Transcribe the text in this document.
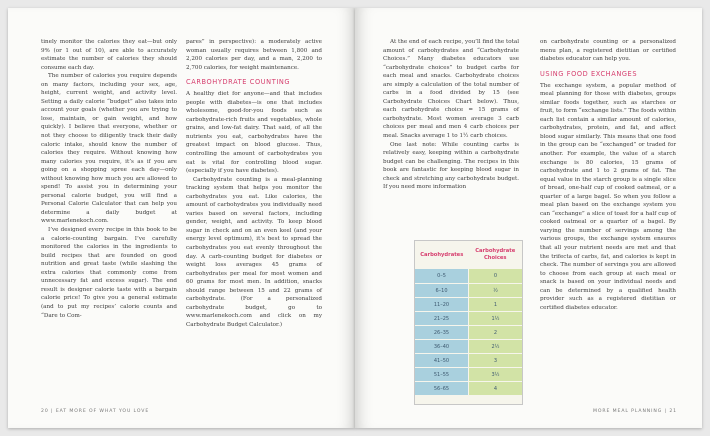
tinely monitor the calories they eat—but only 9% (or 1 out of 10), are able to accurately estimate the number of calories they should consume each day.

The number of calories you require depends on many factors, including your sex, age, height, current weight, and activity level. Setting a daily calorie “budget” also takes into account your goals (whether you are trying to lose, maintain, or gain weight, and how quickly). I believe that everyone, whether or not they choose to diligently track their daily caloric intake, should know the number of calories they require. Without knowing how many calories you require, it’s as if you are going on a shopping spree each day—only without knowing how much you are allowed to spend! To assist you in determining your personal calorie budget, you will find a Personal Calorie Calculator that can help you determine a daily budget at www.marlenekoch.com.

I’ve designed every recipe in this book to be a calorie-counting bargain. I’ve carefully monitored the calories in the ingredients to build recipes that are founded on good nutrition and great taste (while slashing the extra calories that commonly come from unnecessary fat and excess sugar). The end result is designer calorie taste with a bargain calorie price! To give you a general estimate (and to put my recipes’ calorie counts and “Dare to Com-

pares” in perspective): a moderately active woman usually requires between 1,800 and 2,200 calories per day, and a man, 2,200 to 2,700 calories, for weight maintenance.

CARBOHYDRATE COUNTING

A healthy diet for anyone—and that includes people with diabetes—is one that includes wholesome, good-for-you foods such as carbohydrate-rich fruits and vegetables, whole grains, and low-fat dairy. That said, of all the nutrients you eat, carbohydrates have the greatest impact on blood glucose. Thus, controlling the amount of carbohydrates you eat is vital for controlling blood sugar. (especially if you have diabetes).

Carbohydrate counting is a meal-planning tracking system that helps you monitor the carbohydrates you eat. Like calories, the amount of carbohydrates you individually need varies based on several factors, including gender, weight, and activity. To keep blood sugar in check and on an even keel (and your energy level optimum), it’s best to spread the carbohydrates you eat evenly throughout the day. A carb-counting budget for diabetes or weight loss averages 45 grams of carbohydrates per meal for most women and 60 grams for most men. In addition, snacks should range between 15 and 22 grams of carbohydrate. (For a personalized carbohydrate budget, go to www.marlenekoch.com and click on my Carbohydrate Budget Calculator.)

20 | EAT MORE OF WHAT YOU LOVE

At the end of each recipe, you’ll find the total amount of carbohydrates and “Carbohydrate Choices.” Many diabetes educators use “carbohydrate choices” to budget carbs for each meal and snacks. Carbohydrate choices are simply a calculation of the total number of carbs in a food divided by 15 (see Carbohydrate Choices Chart below). Thus, each carbohydrate choice = 15 grams of carbohydrate. Most women average 3 carb choices per meal and men 4 carb choices per meal. Snacks average 1 to 1½ carb choices.

One last note: While counting carbs is relatively easy, keeping within a carbohydrate budget can be challenging. The recipes in this book are fantastic for keeping blood sugar in check and stretching any carbohydrate budget. If you need more information

Carbohydrates
Carbohydrate Choices
0–5	0
6–10	½
11–20	1
21–25	1½
26–35	2
36–40	2½
41–50	3
51–55	3½
56–65	4

on carbohydrate counting or a personalized menu plan, a registered dietitian or certified diabetes educator can help you.

USING FOOD EXCHANGES

The exchange system, a popular method of meal planning for those with diabetes, groups similar foods together, such as starches or fruit, to form “exchange lists.” The foods within each list contain a similar amount of calories, carbohydrates, protein, and fat, and affect blood sugar similarly. This means that one food in the group can be “exchanged” or traded for another. For example, the value of a starch exchange is 80 calories, 15 grams of carbohydrate and 1 to 2 grams of fat. The equal value in the starch group is a single slice of bread, one-half cup of cooked oatmeal, or a quarter of a large bagel. So when you follow a meal plan based on the exchange system you can “exchange” a slice of toast for a half cup of cooked oatmeal or a quarter of a bagel. By varying the number of servings among the various groups, the exchange system ensures that all your nutrient needs are met and that the trifecta of carbs, fat, and calories is kept in check. The number of servings you are allowed to choose from each group at each meal or snack is based on your individual needs and can be determined by a qualified health provider such as a registered dietitian or certified diabetes educator.

MORE MEAL PLANNING | 21
